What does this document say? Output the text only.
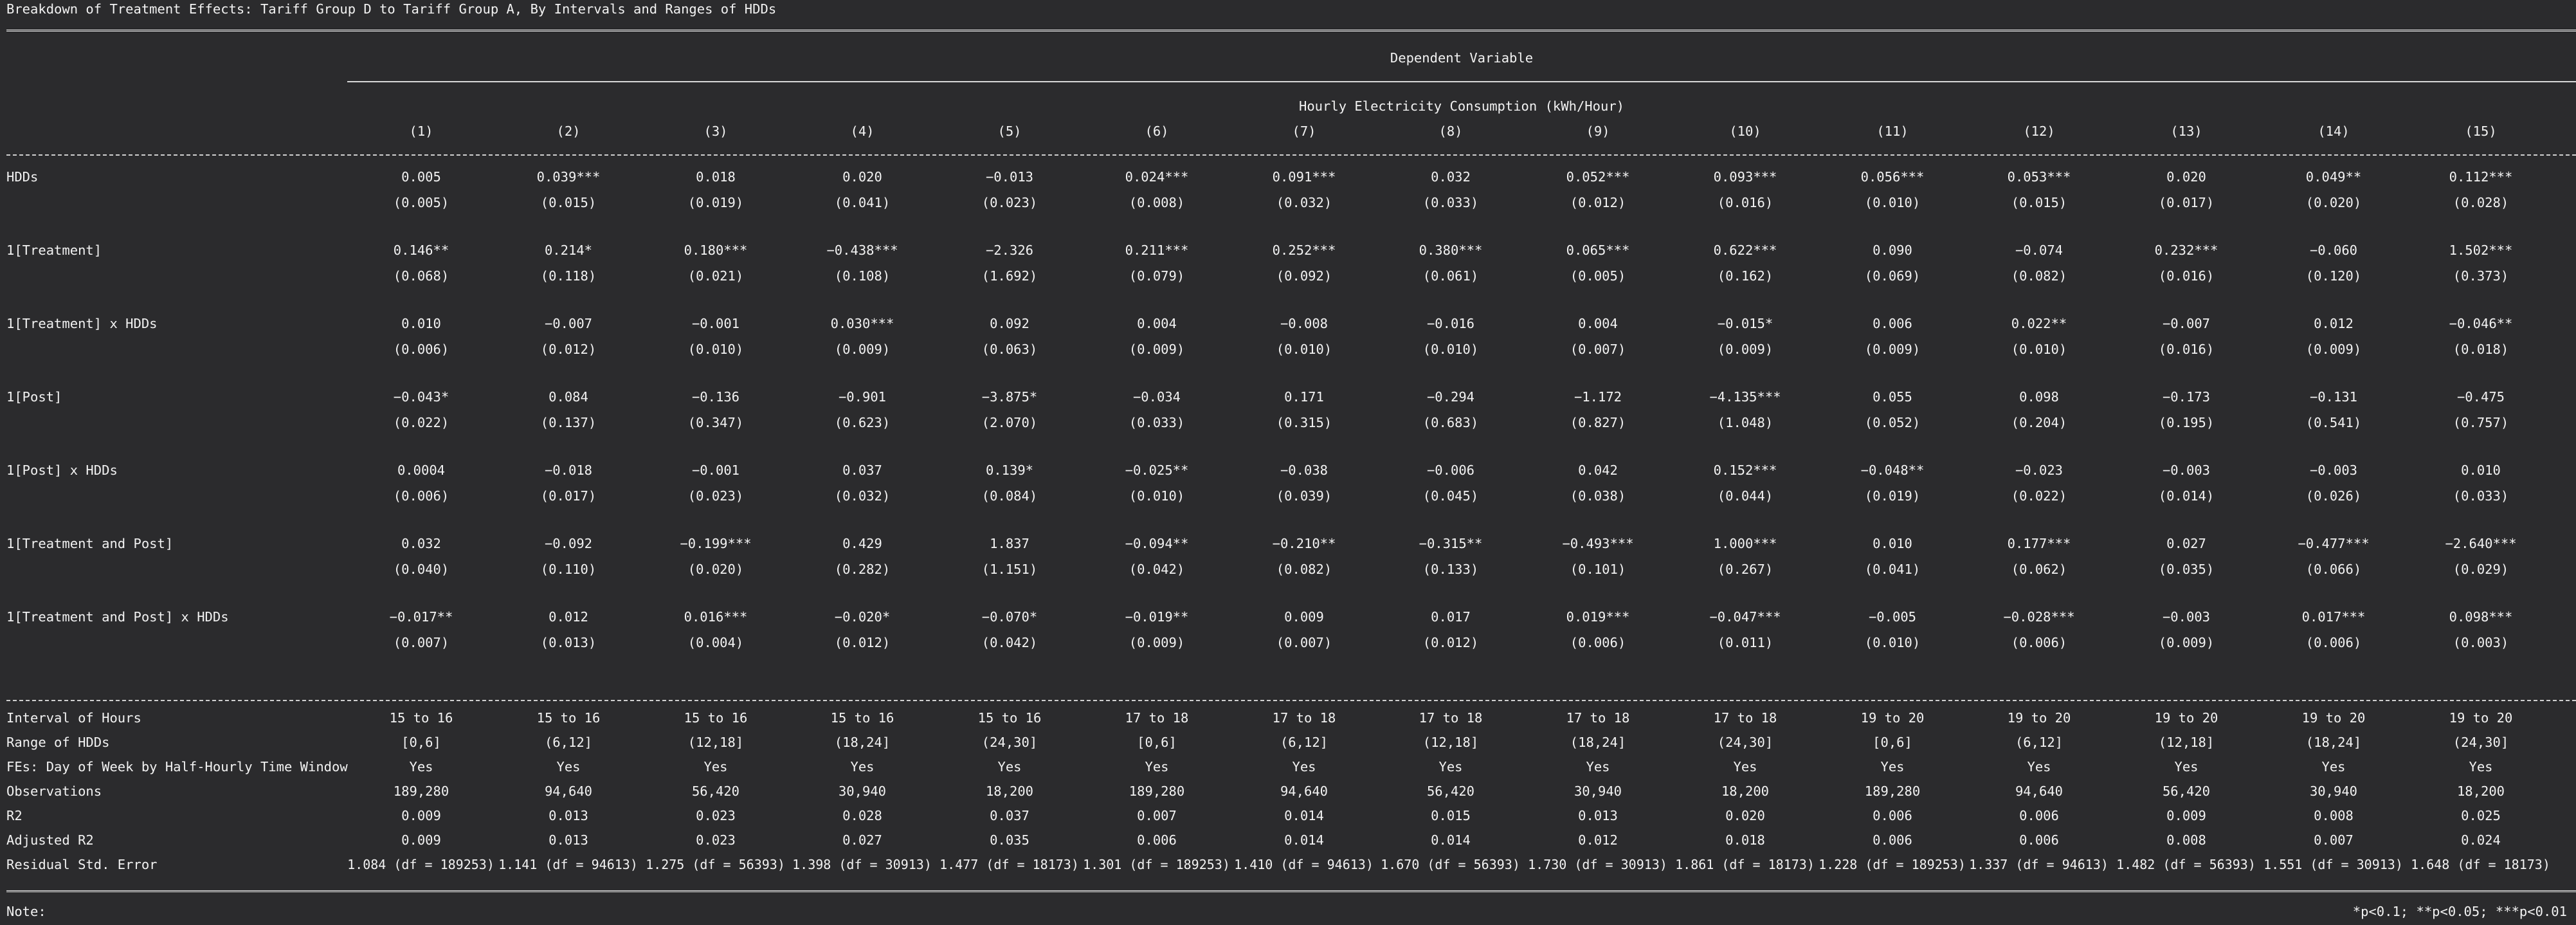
Breakdown of Treatment Effects: Tariff Group D to Tariff Group A, By Intervals and Ranges of HDDs
Dependent Variable
Hourly Electricity Consumption (kWh/Hour)
(1)	(2)	(3)	(4)	(5)	(6)	(7)	(8)	(9)	(10)	(11)	(12)	(13)	(14)	(15)
HDDs	0.005	0.039***	0.018	0.020	−0.013	0.024***	0.091***	0.032	0.052***	0.093***	0.056***	0.053***	0.020	0.049**	0.112***
(0.005)	(0.015)	(0.019)	(0.041)	(0.023)	(0.008)	(0.032)	(0.033)	(0.012)	(0.016)	(0.010)	(0.015)	(0.017)	(0.020)	(0.028)
1[Treatment]	0.146**	0.214*	0.180***	−0.438***	−2.326	0.211***	0.252***	0.380***	0.065***	0.622***	0.090	−0.074	0.232***	−0.060	1.502***
(0.068)	(0.118)	(0.021)	(0.108)	(1.692)	(0.079)	(0.092)	(0.061)	(0.005)	(0.162)	(0.069)	(0.082)	(0.016)	(0.120)	(0.373)
1[Treatment] x HDDs	0.010	−0.007	−0.001	0.030***	0.092	0.004	−0.008	−0.016	0.004	−0.015*	0.006	0.022**	−0.007	0.012	−0.046**
(0.006)	(0.012)	(0.010)	(0.009)	(0.063)	(0.009)	(0.010)	(0.010)	(0.007)	(0.009)	(0.009)	(0.010)	(0.016)	(0.009)	(0.018)
1[Post]	−0.043*	0.084	−0.136	−0.901	−3.875*	−0.034	0.171	−0.294	−1.172	−4.135***	0.055	0.098	−0.173	−0.131	−0.475
(0.022)	(0.137)	(0.347)	(0.623)	(2.070)	(0.033)	(0.315)	(0.683)	(0.827)	(1.048)	(0.052)	(0.204)	(0.195)	(0.541)	(0.757)
1[Post] x HDDs	0.0004	−0.018	−0.001	0.037	0.139*	−0.025**	−0.038	−0.006	0.042	0.152***	−0.048**	−0.023	−0.003	−0.003	0.010
(0.006)	(0.017)	(0.023)	(0.032)	(0.084)	(0.010)	(0.039)	(0.045)	(0.038)	(0.044)	(0.019)	(0.022)	(0.014)	(0.026)	(0.033)
1[Treatment and Post]	0.032	−0.092	−0.199***	0.429	1.837	−0.094**	−0.210**	−0.315**	−0.493***	1.000***	0.010	0.177***	0.027	−0.477***	−2.640***
(0.040)	(0.110)	(0.020)	(0.282)	(1.151)	(0.042)	(0.082)	(0.133)	(0.101)	(0.267)	(0.041)	(0.062)	(0.035)	(0.066)	(0.029)
1[Treatment and Post] x HDDs	−0.017**	0.012	0.016***	−0.020*	−0.070*	−0.019**	0.009	0.017	0.019***	−0.047***	−0.005	−0.028***	−0.003	0.017***	0.098***
(0.007)	(0.013)	(0.004)	(0.012)	(0.042)	(0.009)	(0.007)	(0.012)	(0.006)	(0.011)	(0.010)	(0.006)	(0.009)	(0.006)	(0.003)
Interval of Hours	15 to 16	15 to 16	15 to 16	15 to 16	15 to 16	17 to 18	17 to 18	17 to 18	17 to 18	17 to 18	19 to 20	19 to 20	19 to 20	19 to 20	19 to 20
Range of HDDs	[0,6]	(6,12]	(12,18]	(18,24]	(24,30]	[0,6]	(6,12]	(12,18]	(18,24]	(24,30]	[0,6]	(6,12]	(12,18]	(18,24]	(24,30]
FEs: Day of Week by Half-Hourly Time Window	Yes	Yes	Yes	Yes	Yes	Yes	Yes	Yes	Yes	Yes	Yes	Yes	Yes	Yes	Yes
Observations	189,280	94,640	56,420	30,940	18,200	189,280	94,640	56,420	30,940	18,200	189,280	94,640	56,420	30,940	18,200
R2	0.009	0.013	0.023	0.028	0.037	0.007	0.014	0.015	0.013	0.020	0.006	0.006	0.009	0.008	0.025
Adjusted R2	0.009	0.013	0.023	0.027	0.035	0.006	0.014	0.014	0.012	0.018	0.006	0.006	0.008	0.007	0.024
Residual Std. Error	1.084 (df = 189253) 1.141 (df = 94613) 1.275 (df = 56393) 1.398 (df = 30913) 1.477 (df = 18173) 1.301 (df = 189253) 1.410 (df = 94613) 1.670 (df = 56393) 1.730 (df = 30913) 1.861 (df = 18173) 1.228 (df = 189253) 1.337 (df = 94613) 1.482 (df = 56393) 1.551 (df = 30913) 1.648 (df = 18173)
Note:	*p<0.1; **p<0.05; ***p<0.01
